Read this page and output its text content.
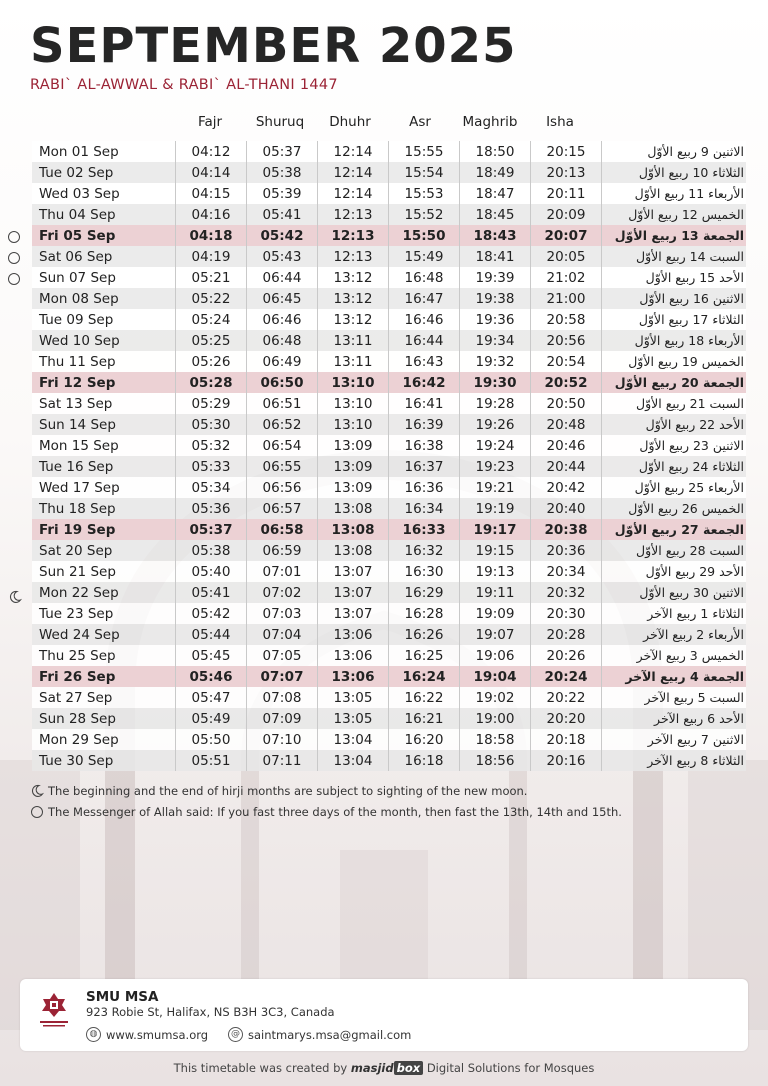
SEPTEMBER 2025
RABI` AL-AWWAL & RABI` AL-THANI 1447
Fajr	Shuruq	Dhuhr	Asr	Maghrib	Isha
Mon 01 Sep	04:12	05:37	12:14	15:55	18:50	20:15	الاثنين 9 ربيع الأوّل
Tue 02 Sep	04:14	05:38	12:14	15:54	18:49	20:13	الثلاثاء 10 ربيع الأوّل
Wed 03 Sep	04:15	05:39	12:14	15:53	18:47	20:11	الأربعاء 11 ربيع الأوّل
Thu 04 Sep	04:16	05:41	12:13	15:52	18:45	20:09	الخميس 12 ربيع الأوّل
Fri 05 Sep	04:18	05:42	12:13	15:50	18:43	20:07	الجمعة 13 ربيع الأوّل
Sat 06 Sep	04:19	05:43	12:13	15:49	18:41	20:05	السبت 14 ربيع الأوّل
Sun 07 Sep	05:21	06:44	13:12	16:48	19:39	21:02	الأحد 15 ربيع الأوّل
Mon 08 Sep	05:22	06:45	13:12	16:47	19:38	21:00	الاثنين 16 ربيع الأوّل
Tue 09 Sep	05:24	06:46	13:12	16:46	19:36	20:58	الثلاثاء 17 ربيع الأوّل
Wed 10 Sep	05:25	06:48	13:11	16:44	19:34	20:56	الأربعاء 18 ربيع الأوّل
Thu 11 Sep	05:26	06:49	13:11	16:43	19:32	20:54	الخميس 19 ربيع الأوّل
Fri 12 Sep	05:28	06:50	13:10	16:42	19:30	20:52	الجمعة 20 ربيع الأوّل
Sat 13 Sep	05:29	06:51	13:10	16:41	19:28	20:50	السبت 21 ربيع الأوّل
Sun 14 Sep	05:30	06:52	13:10	16:39	19:26	20:48	الأحد 22 ربيع الأوّل
Mon 15 Sep	05:32	06:54	13:09	16:38	19:24	20:46	الاثنين 23 ربيع الأوّل
Tue 16 Sep	05:33	06:55	13:09	16:37	19:23	20:44	الثلاثاء 24 ربيع الأوّل
Wed 17 Sep	05:34	06:56	13:09	16:36	19:21	20:42	الأربعاء 25 ربيع الأوّل
Thu 18 Sep	05:36	06:57	13:08	16:34	19:19	20:40	الخميس 26 ربيع الأوّل
Fri 19 Sep	05:37	06:58	13:08	16:33	19:17	20:38	الجمعة 27 ربيع الأوّل
Sat 20 Sep	05:38	06:59	13:08	16:32	19:15	20:36	السبت 28 ربيع الأوّل
Sun 21 Sep	05:40	07:01	13:07	16:30	19:13	20:34	الأحد 29 ربيع الأوّل
Mon 22 Sep	05:41	07:02	13:07	16:29	19:11	20:32	الاثنين 30 ربيع الأوّل
Tue 23 Sep	05:42	07:03	13:07	16:28	19:09	20:30	الثلاثاء 1 ربيع الآخر
Wed 24 Sep	05:44	07:04	13:06	16:26	19:07	20:28	الأربعاء 2 ربيع الآخر
Thu 25 Sep	05:45	07:05	13:06	16:25	19:06	20:26	الخميس 3 ربيع الآخر
Fri 26 Sep	05:46	07:07	13:06	16:24	19:04	20:24	الجمعة 4 ربيع الآخر
Sat 27 Sep	05:47	07:08	13:05	16:22	19:02	20:22	السبت 5 ربيع الآخر
Sun 28 Sep	05:49	07:09	13:05	16:21	19:00	20:20	الأحد 6 ربيع الآخر
Mon 29 Sep	05:50	07:10	13:04	16:20	18:58	20:18	الاثنين 7 ربيع الآخر
Tue 30 Sep	05:51	07:11	13:04	16:18	18:56	20:16	الثلاثاء 8 ربيع الآخر
The beginning and the end of hirji months are subject to sighting of the new moon.
The Messenger of Allah said: If you fast three days of the month, then fast the 13th, 14th and 15th.
SMU MSA
923 Robie St, Halifax, NS B3H 3C3, Canada
◍ www.smumsa.org	@ saintmarys.msa@gmail.com
This timetable was created by masjid box Digital Solutions for Mosques
